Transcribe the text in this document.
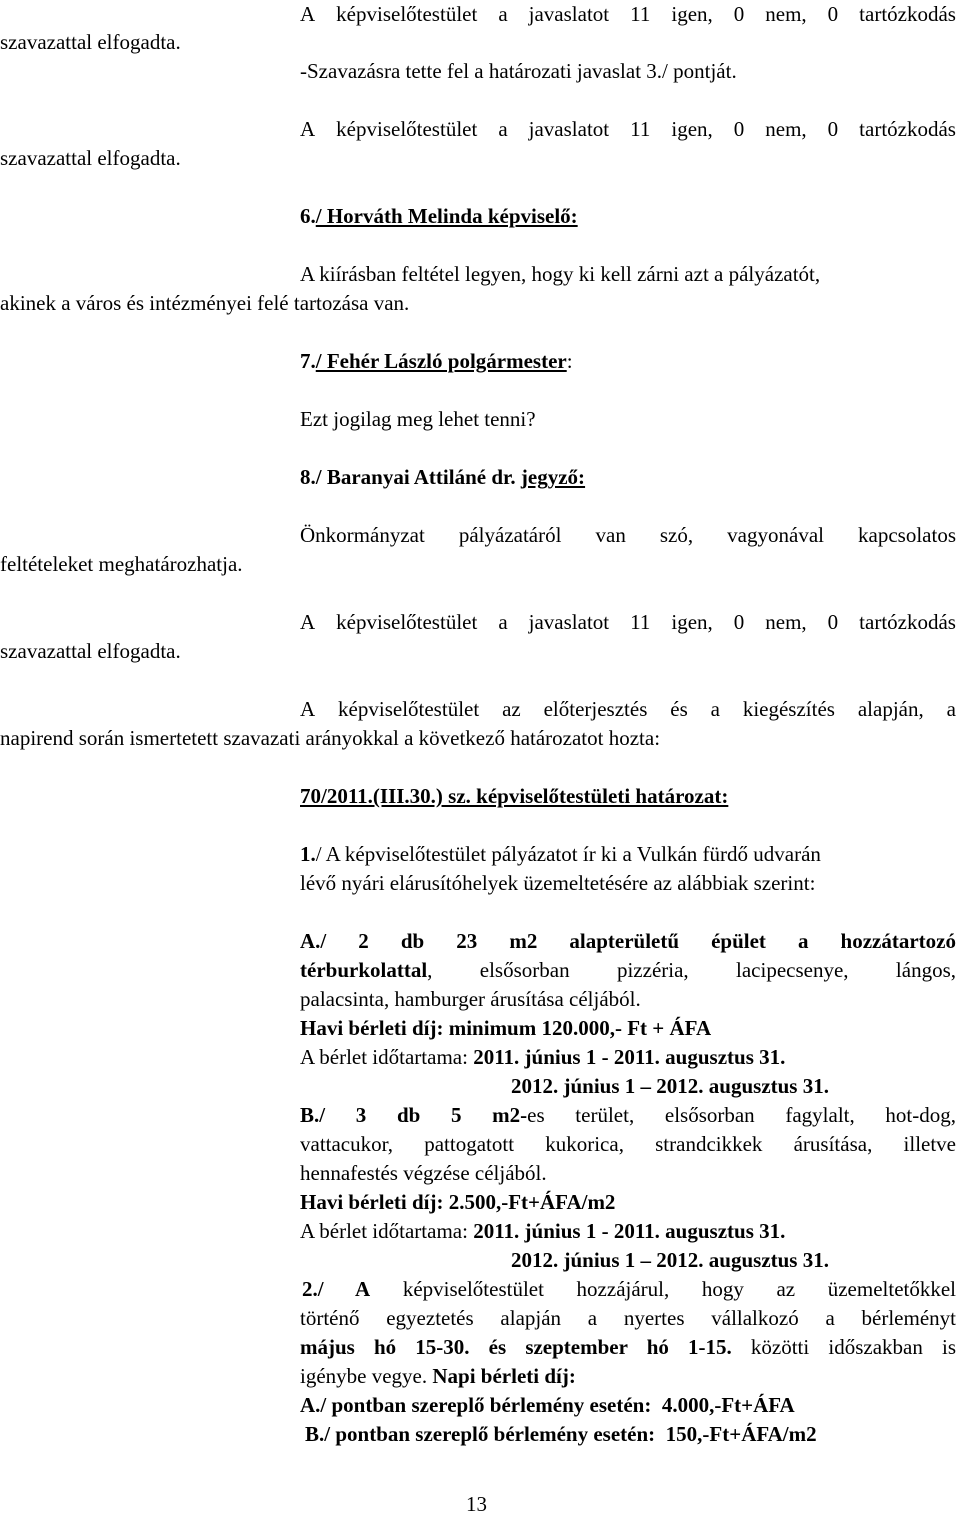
szavazattal elfogadta.
A képviselőtestület a javaslatot 11 igen, 0 nem, 0 tartózkodás
-Szavazásra tette fel a határozati javaslat 3./ pontját.
A képviselőtestület a javaslatot 11 igen, 0 nem, 0 tartózkodás
szavazattal elfogadta.
6./ Horváth Melinda képviselő:
A kiírásban feltétel legyen, hogy ki kell zárni azt a pályázatót,
akinek a város és intézményei felé tartozása van.
7./ Fehér László polgármester:
Ezt jogilag meg lehet tenni?
8./ Baranyai Attiláné dr. jegyző:
Önkormányzat pályázatáról van szó, vagyonával kapcsolatos
feltételeket meghatározhatja.
A képviselőtestület a javaslatot 11 igen, 0 nem, 0 tartózkodás
szavazattal elfogadta.
A képviselőtestület az előterjesztés és a kiegészítés alapján, a
napirend során ismertetett szavazati arányokkal a következő határozatot hozta:
70/2011.(III.30.) sz. képviselőtestületi határozat:
1./ A képviselőtestület pályázatot ír ki a Vulkán fürdő udvarán
lévő nyári elárusítóhelyek üzemeltetésére az alábbiak szerint:
A./ 2 db 23 m2 alapterületű épület a hozzátartozó
térburkolattal, elsősorban pizzéria, lacipecsenye, lángos,
palacsinta, hamburger árusítása céljából.
Havi bérleti díj: minimum 120.000,- Ft + ÁFA
A bérlet időtartama: 2011. június 1 - 2011. augusztus 31.
2012. június 1 – 2012. augusztus 31.
B./ 3 db 5 m2-es terület, elsősorban fagylalt, hot-dog,
vattacukor, pattogatott kukorica, strandcikkek árusítása, illetve
hennafestés végzése céljából.
Havi bérleti díj: 2.500,-Ft+ÁFA/m2
A bérlet időtartama: 2011. június 1 - 2011. augusztus 31.
2012. június 1 – 2012. augusztus 31.
2./ A képviselőtestület hozzájárul, hogy az üzemeltetőkkel
történő egyeztetés alapján a nyertes vállalkozó a bérleményt
május hó 15-30. és szeptember hó 1-15. közötti időszakban is
igénybe vegye. Napi bérleti díj:
A./ pontban szereplő bérlemény esetén:  4.000,-Ft+ÁFA
B./ pontban szereplő bérlemény esetén:  150,-Ft+ÁFA/m2
13
